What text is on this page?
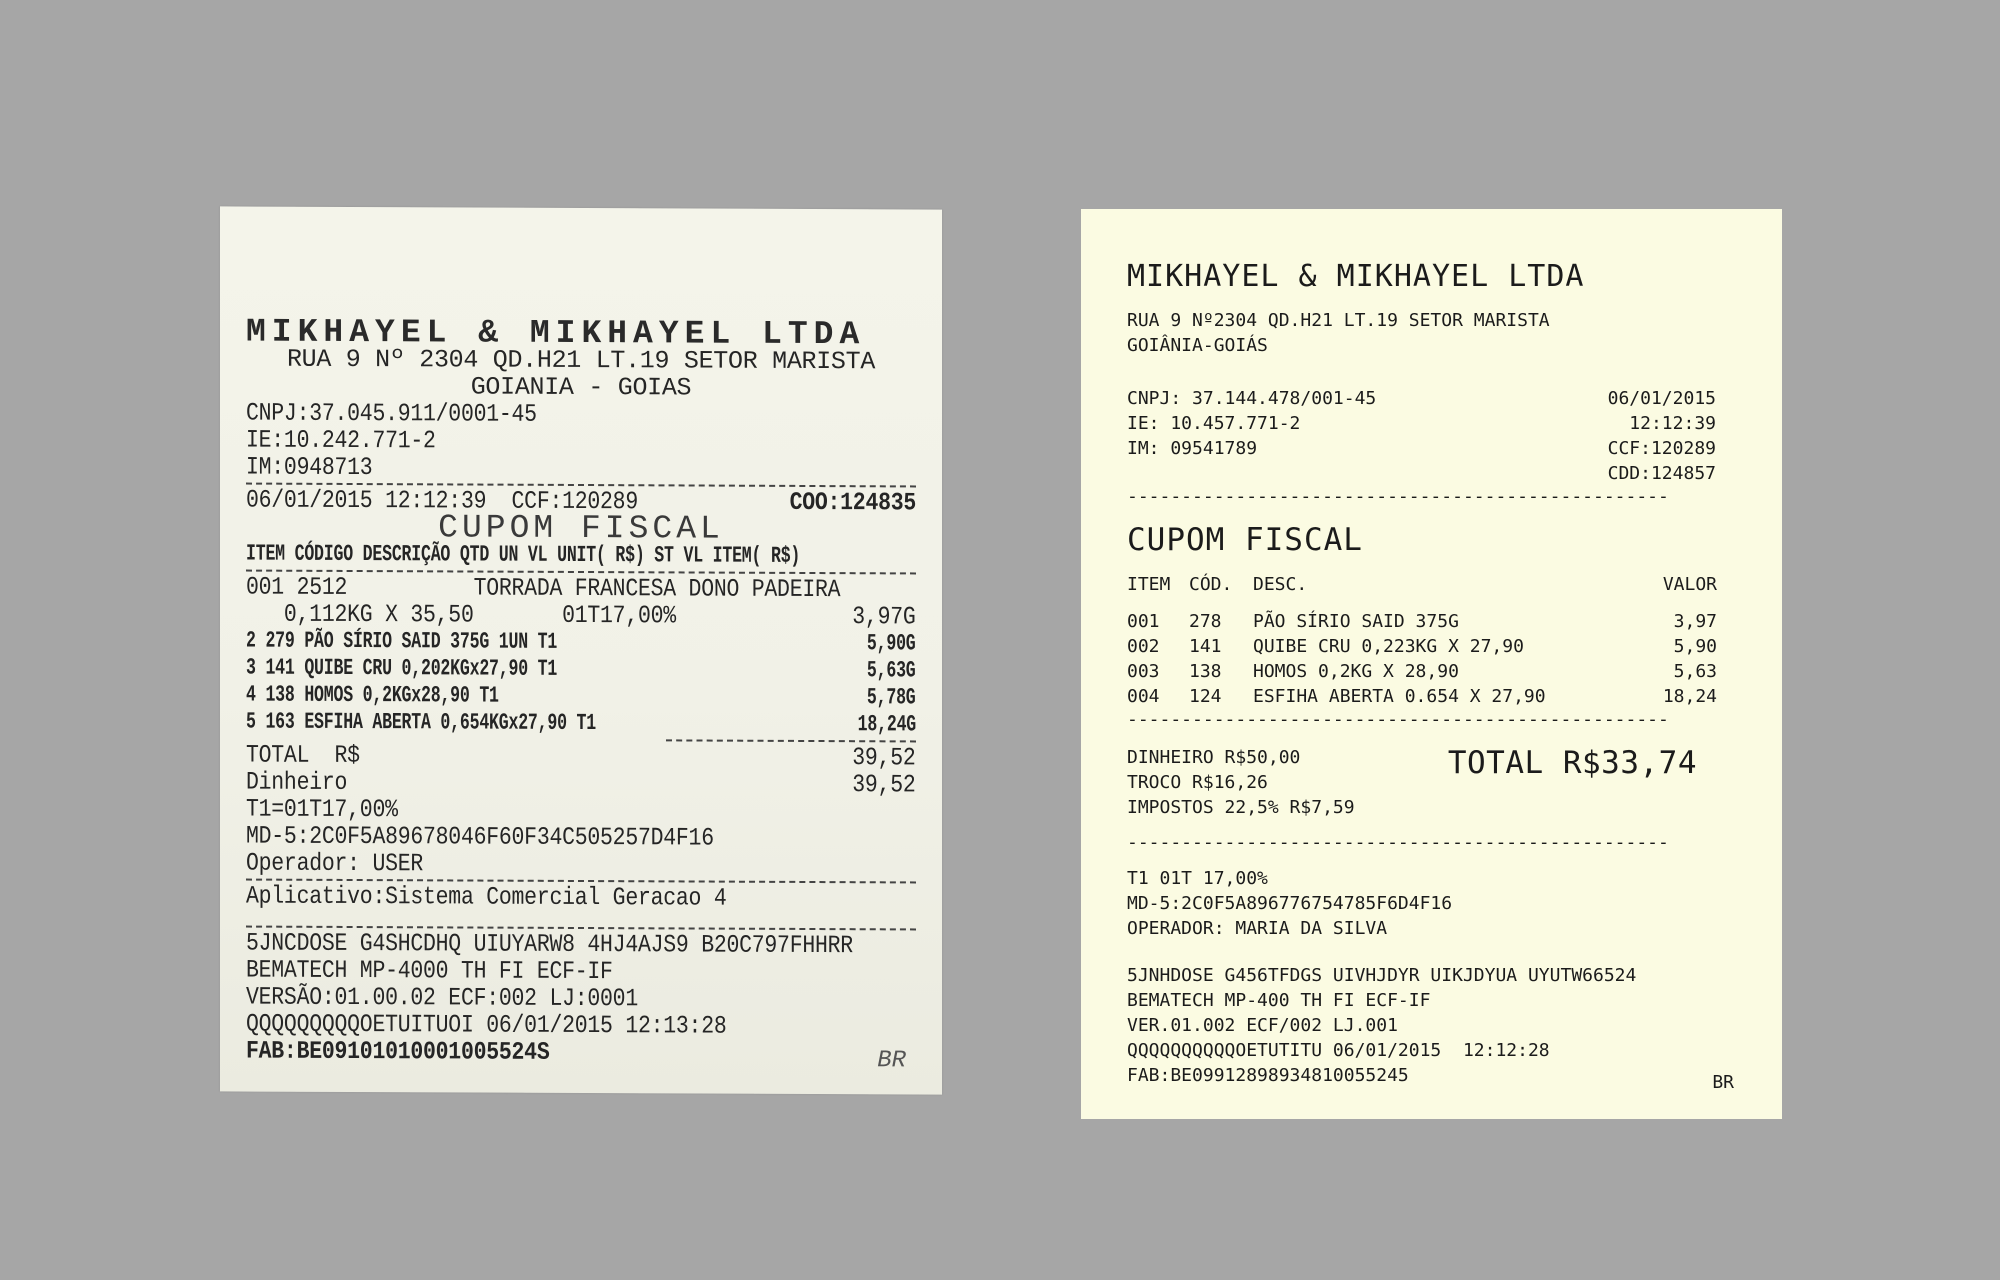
MIKHAYEL & MIKHAYEL LTDA
RUA 9 Nº 2304 QD.H21 LT.19 SETOR MARISTA
GOIANIA - GOIAS
CNPJ:37.045.911/0001-45
IE:10.242.771-2
IM:0948713
06/01/2015 12:12:39  CCF:120289	COO:124835
CUPOM FISCAL
ITEM CÓDIGO DESCRIÇÃO QTD UN VL UNIT( R$) ST VL ITEM( R$)
001 2512          TORRADA FRANCESA DONO PADEIRA
0,112KG X 35,50       01T17,00%	3,97G
2 279 PÃO SÍRIO SAID 375G 1UN T1	5,90G
3 141 QUIBE CRU 0,202KGx27,90 T1	5,63G
4 138 HOMOS 0,2KGx28,90 T1	5,78G
5 163 ESFIHA ABERTA 0,654KGx27,90 T1	18,24G
TOTAL  R$	39,52
Dinheiro	39,52
T1=01T17,00%
MD-5:2C0F5A89678046F60F34C505257D4F16
Operador: USER
Aplicativo:Sistema Comercial Geracao 4
5JNCDOSE G4SHCDHQ UIUYARW8 4HJ4AJS9 B20C797FHHRR
BEMATECH MP-4000 TH FI ECF-IF
VERSÃO:01.00.02 ECF:002 LJ:0001
QQQQQQQQQOETUITUOI 06/01/2015 12:13:28
FAB:BE09101010001005524S	BR
MIKHAYEL & MIKHAYEL LTDA
RUA 9 Nº2304 QD.H21 LT.19 SETOR MARISTA
GOIÂNIA-GOIÁS
CNPJ: 37.144.478/001-45
IE: 10.457.771-2
IM: 09541789
06/01/2015
12:12:39
CCF:120289
CDD:124857
--------------------------------------------------
CUPOM FISCAL
ITEM	CÓD.	DESC.	VALOR

001	278	PÃO SÍRIO SAID 375G	3,97
002	141	QUIBE CRU 0,223KG X 27,90	5,90
003	138	HOMOS 0,2KG X 28,90	5,63
004	124	ESFIHA ABERTA 0.654 X 27,90	18,24
--------------------------------------------------
DINHEIRO R$50,00
TROCO R$16,26
IMPOSTOS 22,5% R$7,59
TOTAL R$33,74
--------------------------------------------------
T1 01T 17,00%
MD-5:2C0F5A896776754785F6D4F16
OPERADOR: MARIA DA SILVA
5JNHDOSE G456TFDGS UIVHJDYR UIKJDYUA UYUTW66524
BEMATECH MP-400 TH FI ECF-IF
VER.01.002 ECF/002 LJ.001
QQQQQQQQQQOETUTITU 06/01/2015  12:12:28
FAB:BE09912898934810055245	BR
